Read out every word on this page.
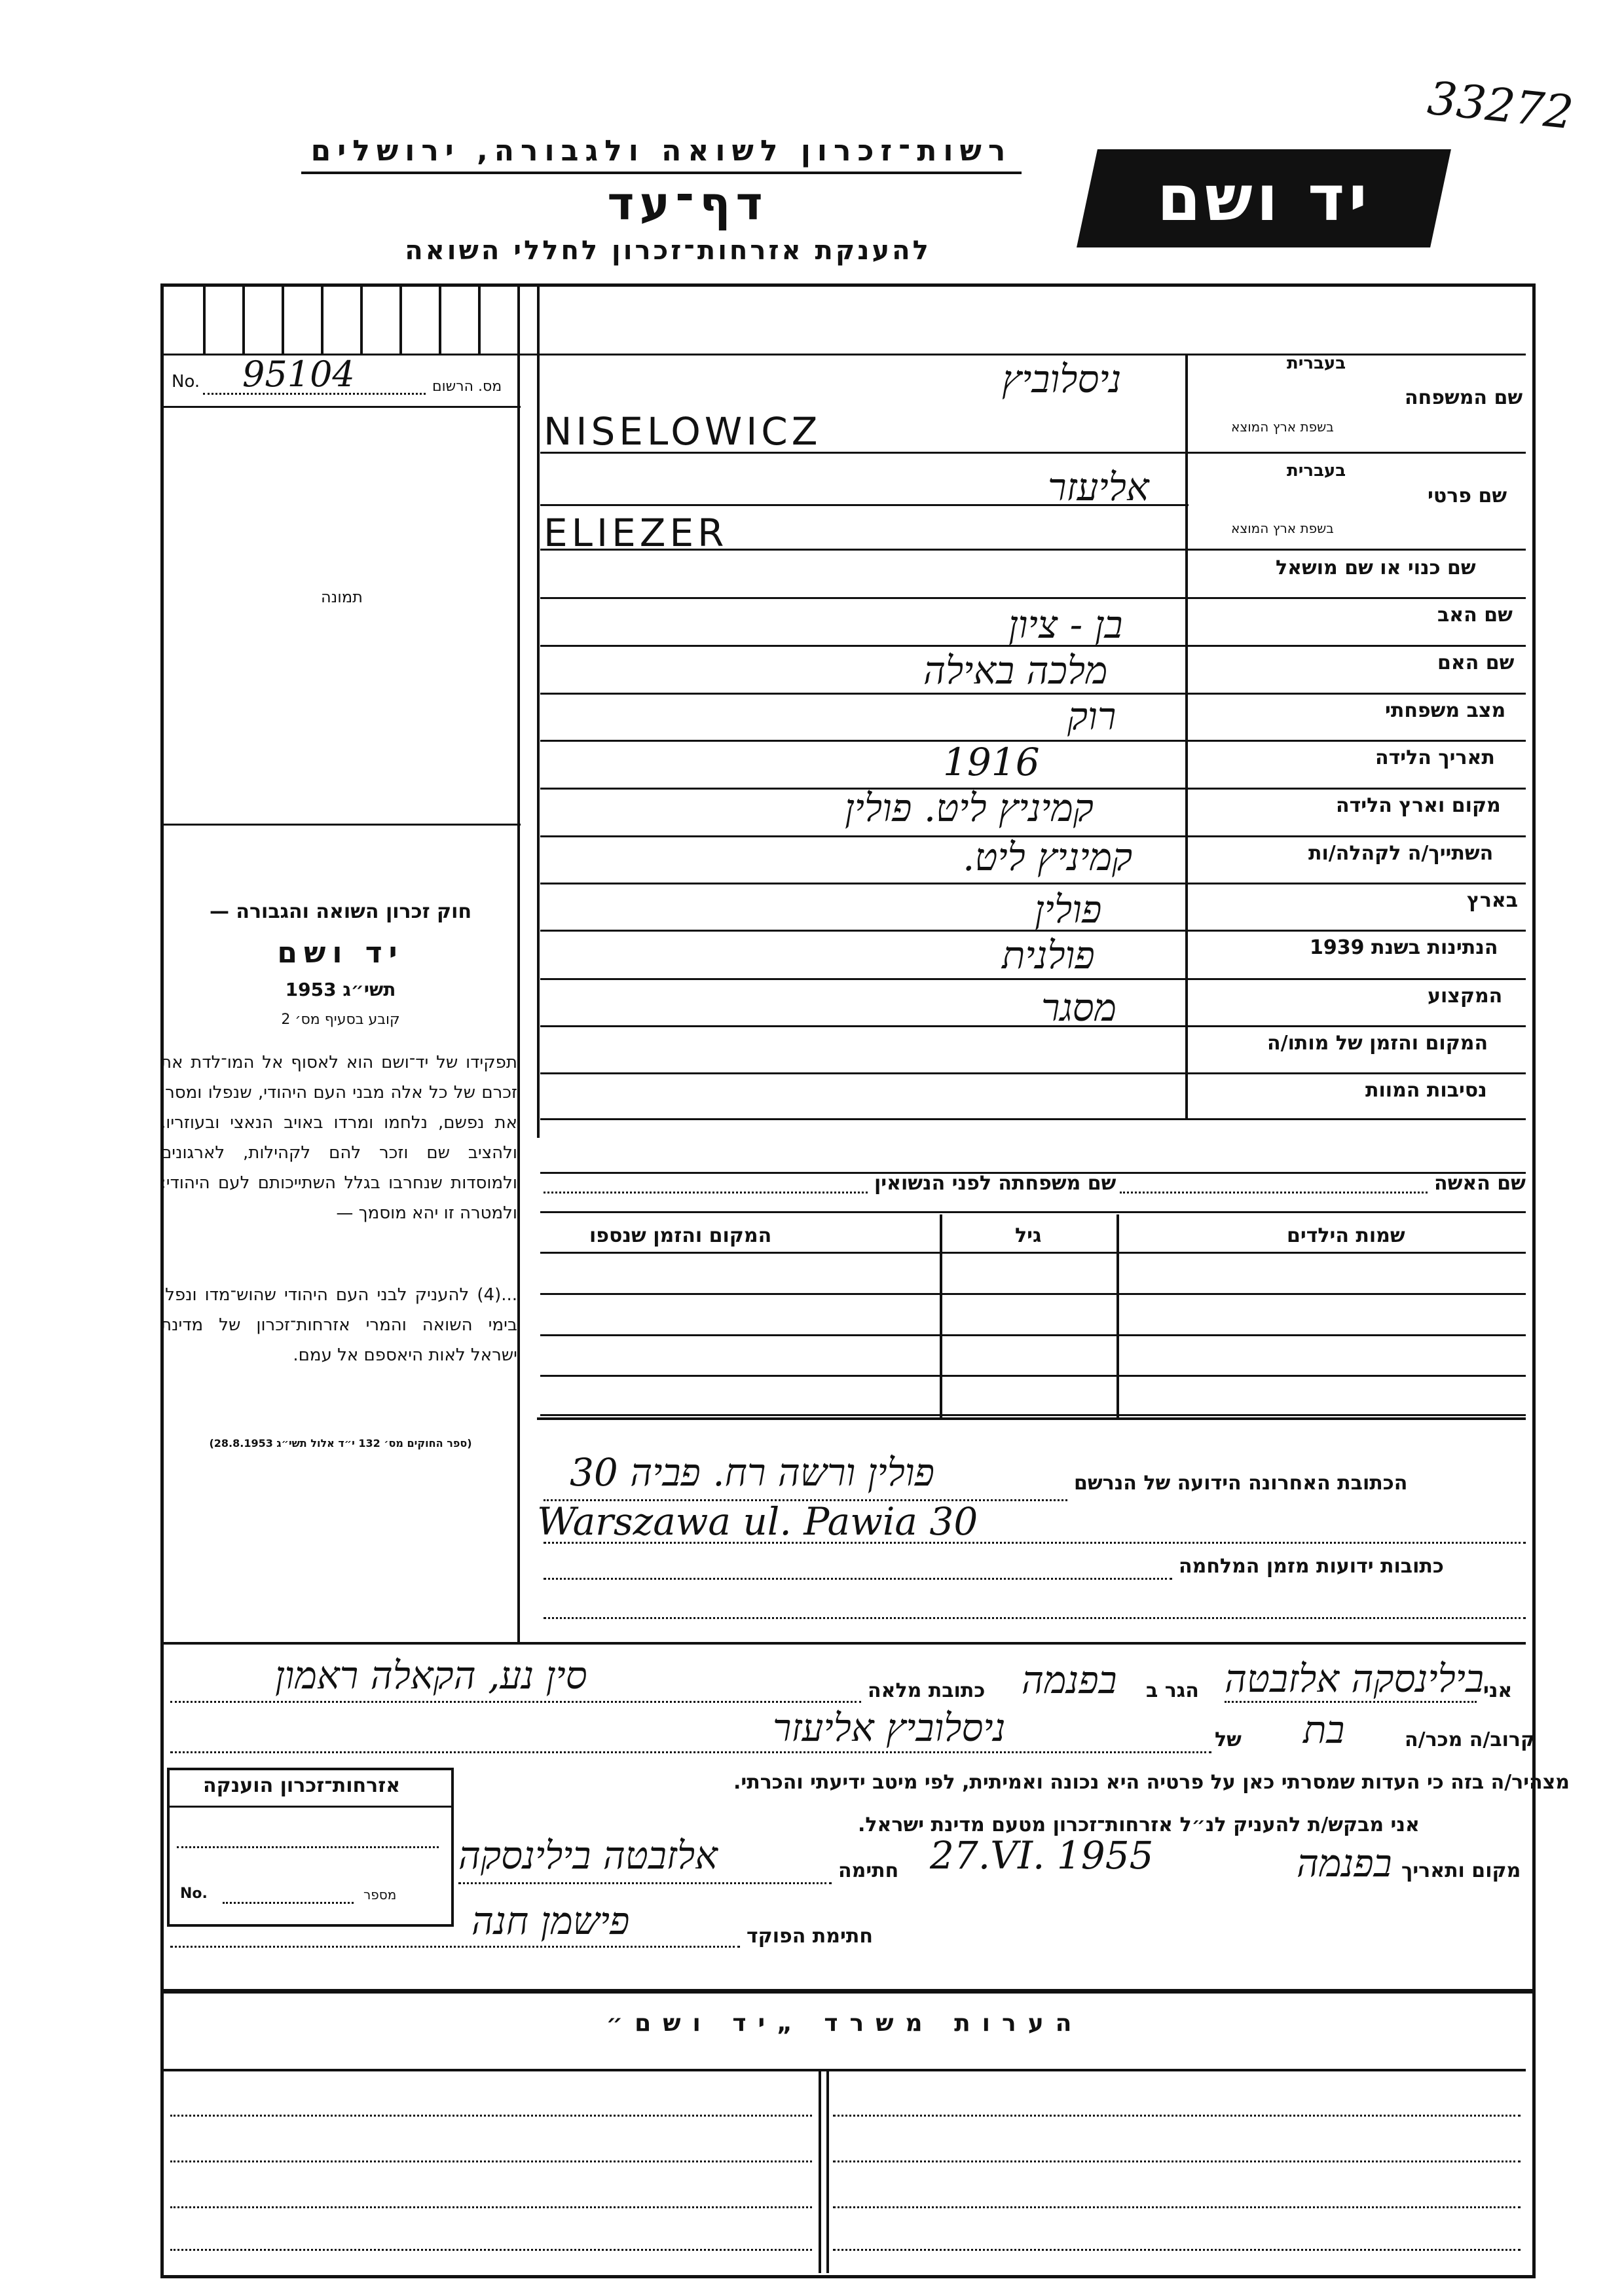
33272
רשות־זכרון לשואה ולגבורה, ירושלים
דף־עד
להענקת אזרחות־זכרון לחללי השואה
יד ושם
No. 95104	מס. הרשום
תמונה
בעברית
שם המשפחה
בשפת ארץ המוצא
בעברית
שם פרטי
בשפת ארץ המוצא
שם כנוי או שם מושאל
שם האב
שם האם
מצב משפחתי
תאריך הלידה
מקום וארץ הלידה
השתייך/ה לקהלה/ות
בארץ
הנתינות בשנת 1939
המקצוע
המקום והזמן של מותו/ה
נסיבות המוות
ניסלוביץ
NISELOWICZ
אליעזר
ELIEZER
בן - ציון
מלכה באילה
רוק
1916
קמיניץ ליט. פולין
קמיניץ ליט.
פולין
פולנית
מסגר
חוק זכרון השואה והגבורה —
יד ושם
תשי״ג 1953
קובע בסעיף מס׳ 2
תפקידו של יד־ושם הוא לאסוף אל המו־לדת את זכרם של כל אלה מבני העם היהודי, שנפלו ומסרו את נפשם, נלחמו ומרדו באויב הנאצי ובעוזריו, ולהציב שם וזכר להם לקהילות, לארגונים ולמוסדות שנחרבו בגלל השתייכותם לעם היהודי; ולמטרה זו יהא מוסמך —
...(4) להעניק לבני העם היהודי שהוש־מדו ונפלו בימי השואה והמרי אזרחות־זכרון של מדינת ישראל לאות היאספם אל עמם.
(ספר החוקים מס׳ 132 י״ד אלול תשי״ג 28.8.1953)
שם האשה
שם משפחתה לפני הנשואין
שמות הילדים
גיל
המקום והזמן שנספו
הכתובת האחרונה הידועה של הנרשם
פולין ורשה רח. פביה 30
Warszawa ul. Pawia 30
כתובות ידועות מזמן המלחמה
אני
בילינסקה אלזבטה
הגר ב
בפנמה
כתובת מלאה
סין נע, הקאלה ראמון
קרוב/ה מכר/ה
בת
של
ניסלוביץ אליעזר
מצהיר/ה בזה כי העדות שמסרתי כאן על פרטיה היא נכונה ואמיתית, לפי מיטב ידיעתי והכרתי.
אני מבקש/ת להעניק לנ״ל אזרחות־זכרון מטעם מדינת ישראל.
מקום ותאריך
בפנמה
27.VI. 1955
חתימה
אלזבטה בילינסקה
חתימת הפוקד
פישמן חנה
אזרחות־זכרון הוענקה
No.	מספר
הערות משרד „יד ושם״
